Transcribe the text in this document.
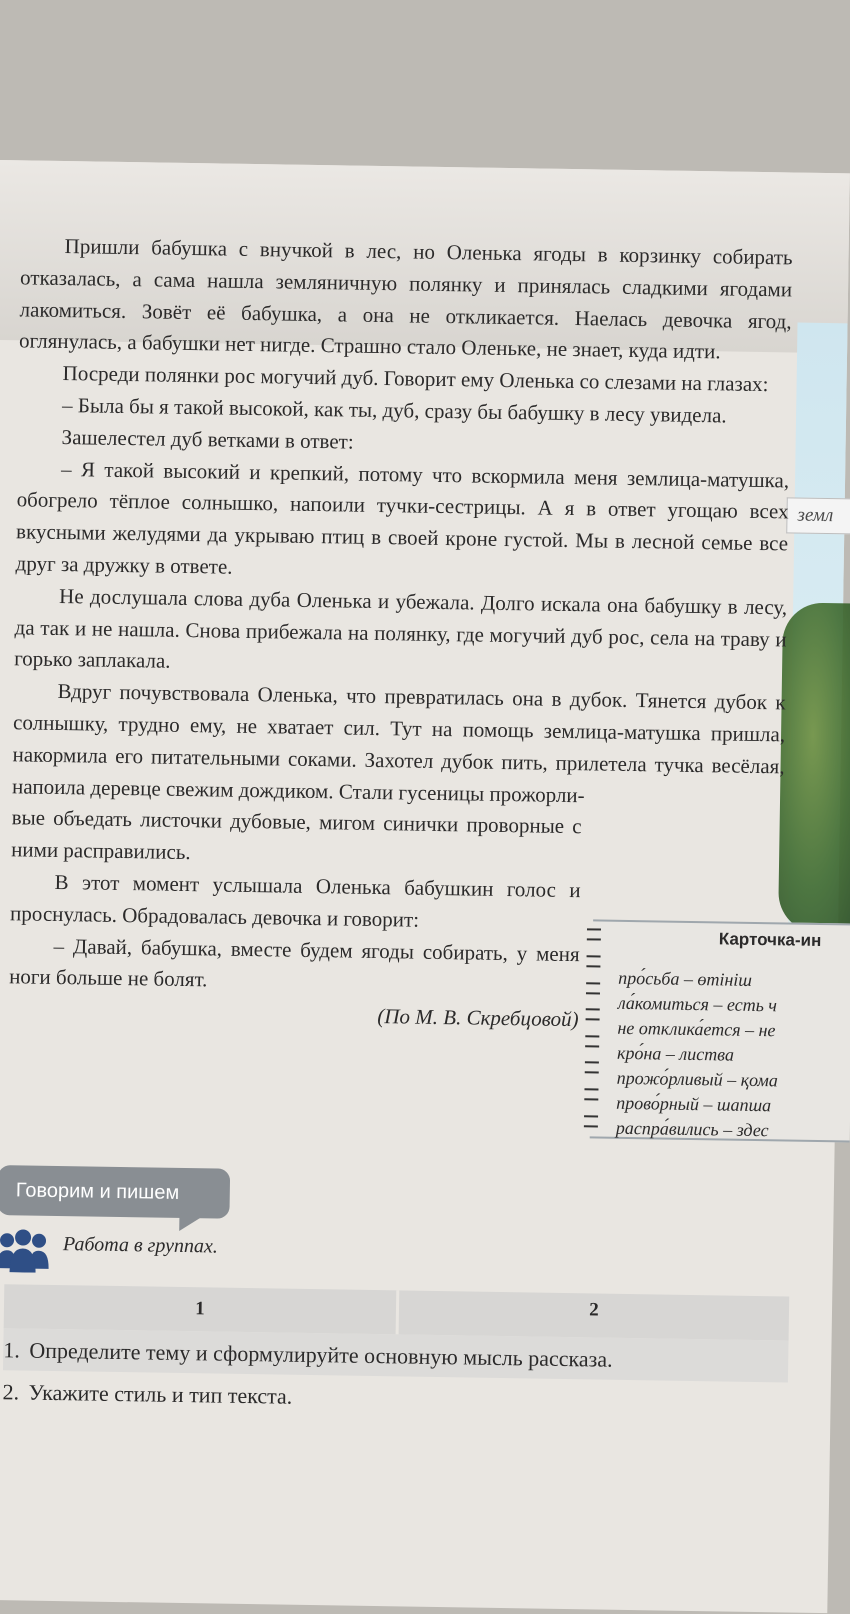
земл

Пришли бабушка с внучкой в лес, но Оленька ягоды в корзинку собирать отказалась, а сама нашла земляничную полянку и принялась сладкими ягодами лакомиться. Зовёт её бабушка, а она не откликается. Наелась девочка ягод, оглянулась, а бабушки нет нигде. Страшно стало Оленьке, не знает, куда идти.

Посреди полянки рос могучий дуб. Говорит ему Оленька со слезами на глазах:

– Была бы я такой высокой, как ты, дуб, сразу бы бабушку в лесу увидела.

Зашелестел дуб ветками в ответ:

– Я такой высокий и крепкий, потому что вскормила меня землица-матушка, обогрело тёплое солнышко, напоили тучки-сестрицы. А я в ответ угощаю всех вкусными желудями да укрываю птиц в своей кроне густой. Мы в лесной семье все друг за дружку в ответе.

Не дослушала слова дуба Оленька и убежала. Долго искала она бабушку в лесу, да так и не нашла. Снова прибежала на полянку, где могучий дуб рос, села на траву и горько заплакала.

Вдруг почувствовала Оленька, что превратилась она в дубок. Тянется дубок к солнышку, трудно ему, не хватает сил. Тут на помощь землица-матушка пришла, накормила его питательными соками. Захотел дубок пить, прилетела тучка весёлая, напоила деревце свежим дождиком. Стали гусеницы прожорли-

вые объедать листочки дубовые, мигом синички проворные с ними расправились.

В этот момент услышала Оленька бабушкин голос и проснулась. Обрадовалась девочка и говорит:

– Давай, бабушка, вместе будем ягоды собирать, у меня ноги больше не болят.

(По М. В. Скребцовой)
Карточка-ин
про́сьба – өтініш
ла́комиться – есть ч
не отклика́ется – не
кро́на – листва
прожо́рливый – қома
прово́рный – шапша
распра́вились – здес
Говорим и пишем
Работа в группах.
1	2
1. Определите тему и сформулируйте основную мысль рассказа.
2. Укажите стиль и тип текста.
